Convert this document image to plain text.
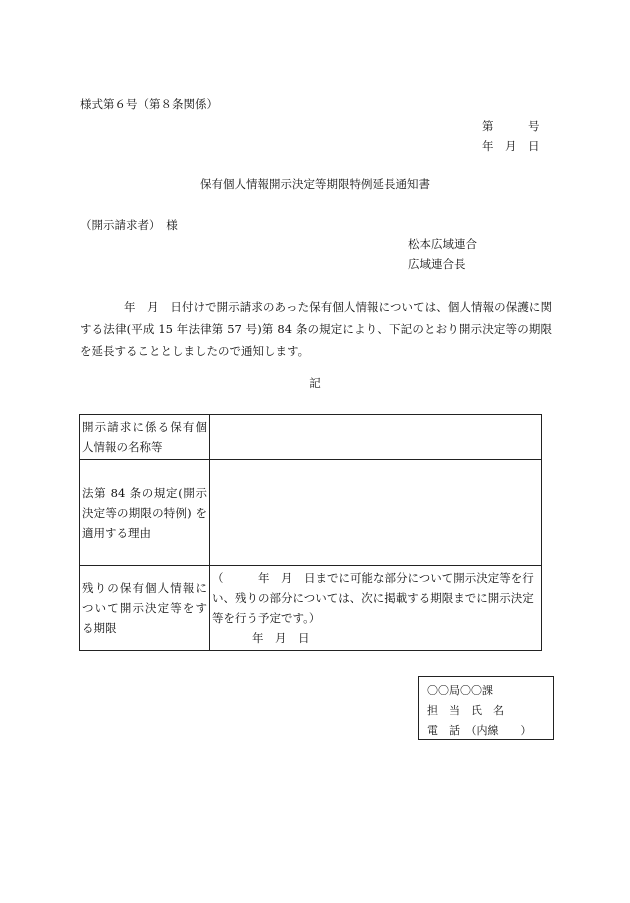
様式第６号（第８条関係）
第　　　号
年　月　日
保有個人情報開示決定等期限特例延長通知書
（開示請求者）　様
松本広域連合
広域連合長
年　月　日付けで開示請求のあった保有個人情報については、個人情報の保護に関する法律(平成 15 年法律第 57 号)第 84 条の規定により、下記のとおり開示決定等の期限を延長することとしましたので通知します。
記
開示請求に係る保有個人情報の名称等	
法第 84 条の規定(開示決定等の期限の特例) を適用する理由	
残りの保有個人情報について開示決定等をする期限	（　　　年　月　日までに可能な部分について開示決定等を行い、残りの部分については、次に掲載する期限までに開示決定等を行う予定です。）
年　月　日
〇〇局〇〇課
担　当　氏　名
電　話　（内線　　）
